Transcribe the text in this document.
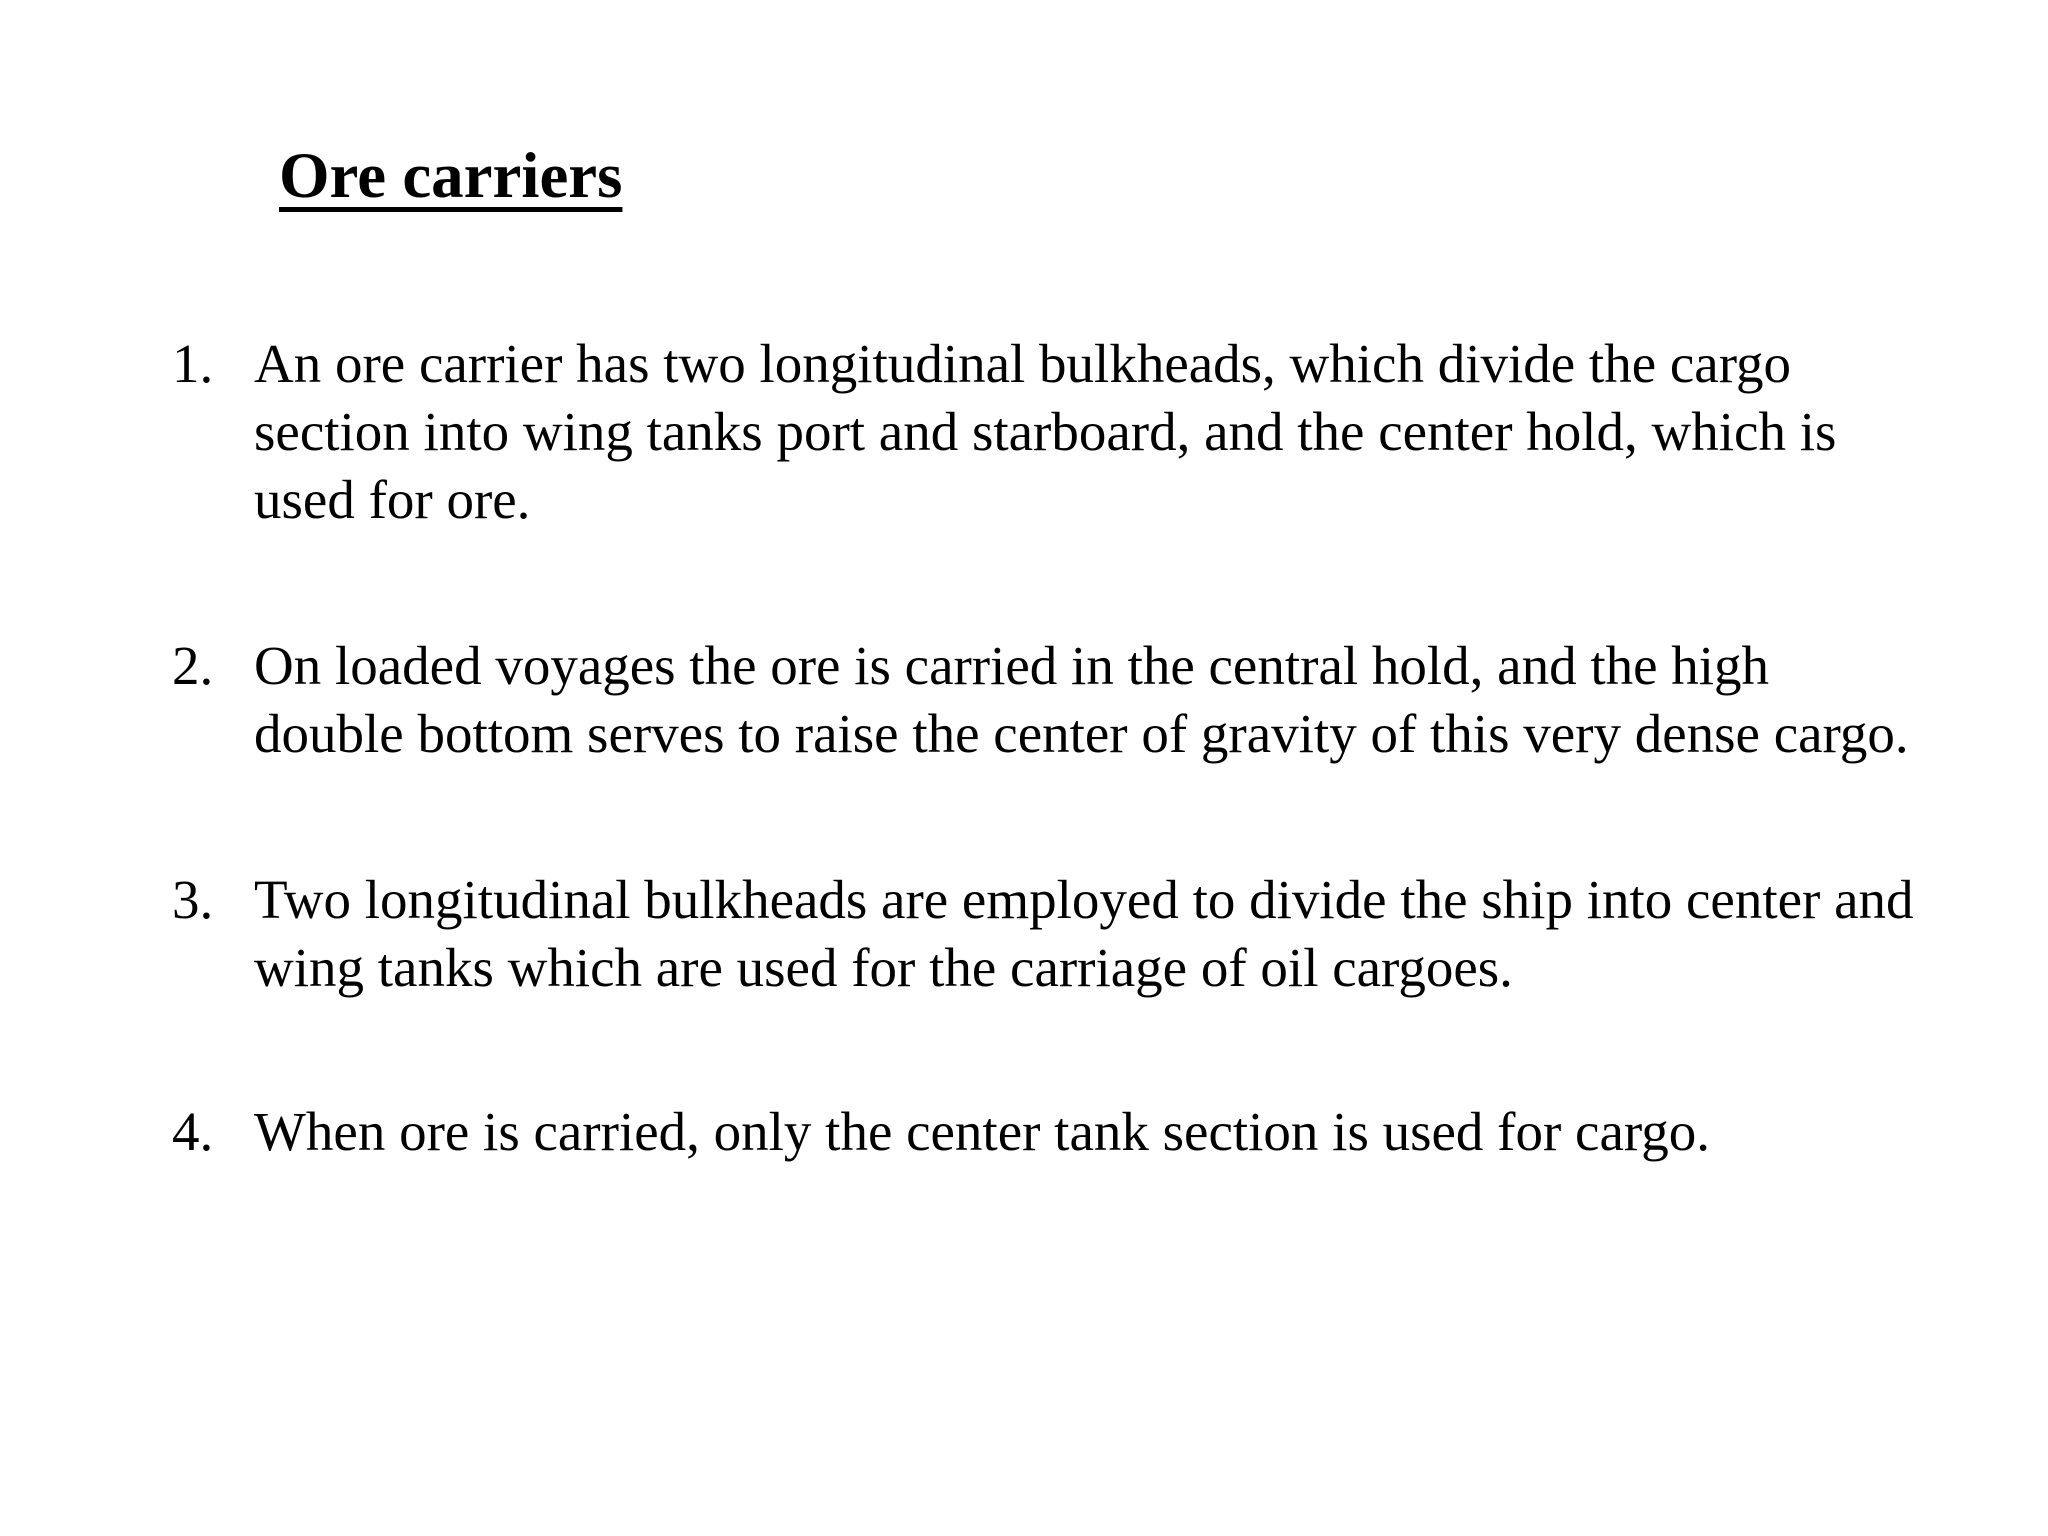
Ore carriers
1. An ore carrier has two longitudinal bulkheads, which divide the cargo section into wing tanks port and starboard, and the center hold, which is used for ore.
2. On loaded voyages the ore is carried in the central hold, and the high double bottom serves to raise the center of gravity of this very dense cargo.
3. Two longitudinal bulkheads are employed to divide the ship into center and wing tanks which are used for the carriage of oil cargoes.
4. When ore is carried, only the center tank section is used for cargo.
